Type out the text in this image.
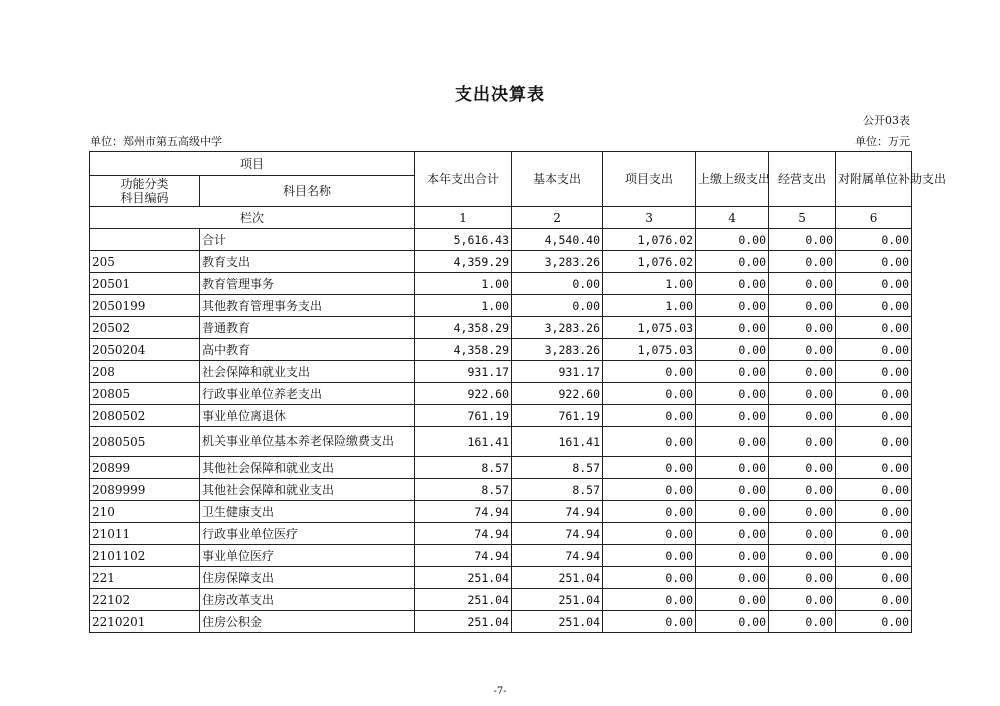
支出决算表
公开03表
单位：郑州市第五高级中学	单位：万元
项目		本年支出合计	基本支出	项目支出	上缴上级支出	经营支出	对附属单位补助支出
功能分类
科目编码	科目名称						
栏次		1	2	3	4	5	6
	合计	5,616.43	4,540.40	1,076.02	0.00	0.00	0.00
205	教育支出	4,359.29	3,283.26	1,076.02	0.00	0.00	0.00
20501	教育管理事务	1.00	0.00	1.00	0.00	0.00	0.00
2050199	其他教育管理事务支出	1.00	0.00	1.00	0.00	0.00	0.00
20502	普通教育	4,358.29	3,283.26	1,075.03	0.00	0.00	0.00
2050204	高中教育	4,358.29	3,283.26	1,075.03	0.00	0.00	0.00
208	社会保障和就业支出	931.17	931.17	0.00	0.00	0.00	0.00
20805	行政事业单位养老支出	922.60	922.60	0.00	0.00	0.00	0.00
2080502	事业单位离退休	761.19	761.19	0.00	0.00	0.00	0.00
2080505	机关事业单位基本养老保险缴费支出	161.41	161.41	0.00	0.00	0.00	0.00
20899	其他社会保障和就业支出	8.57	8.57	0.00	0.00	0.00	0.00
2089999	其他社会保障和就业支出	8.57	8.57	0.00	0.00	0.00	0.00
210	卫生健康支出	74.94	74.94	0.00	0.00	0.00	0.00
21011	行政事业单位医疗	74.94	74.94	0.00	0.00	0.00	0.00
2101102	事业单位医疗	74.94	74.94	0.00	0.00	0.00	0.00
221	住房保障支出	251.04	251.04	0.00	0.00	0.00	0.00
22102	住房改革支出	251.04	251.04	0.00	0.00	0.00	0.00
2210201	住房公积金	251.04	251.04	0.00	0.00	0.00	0.00
-7-
